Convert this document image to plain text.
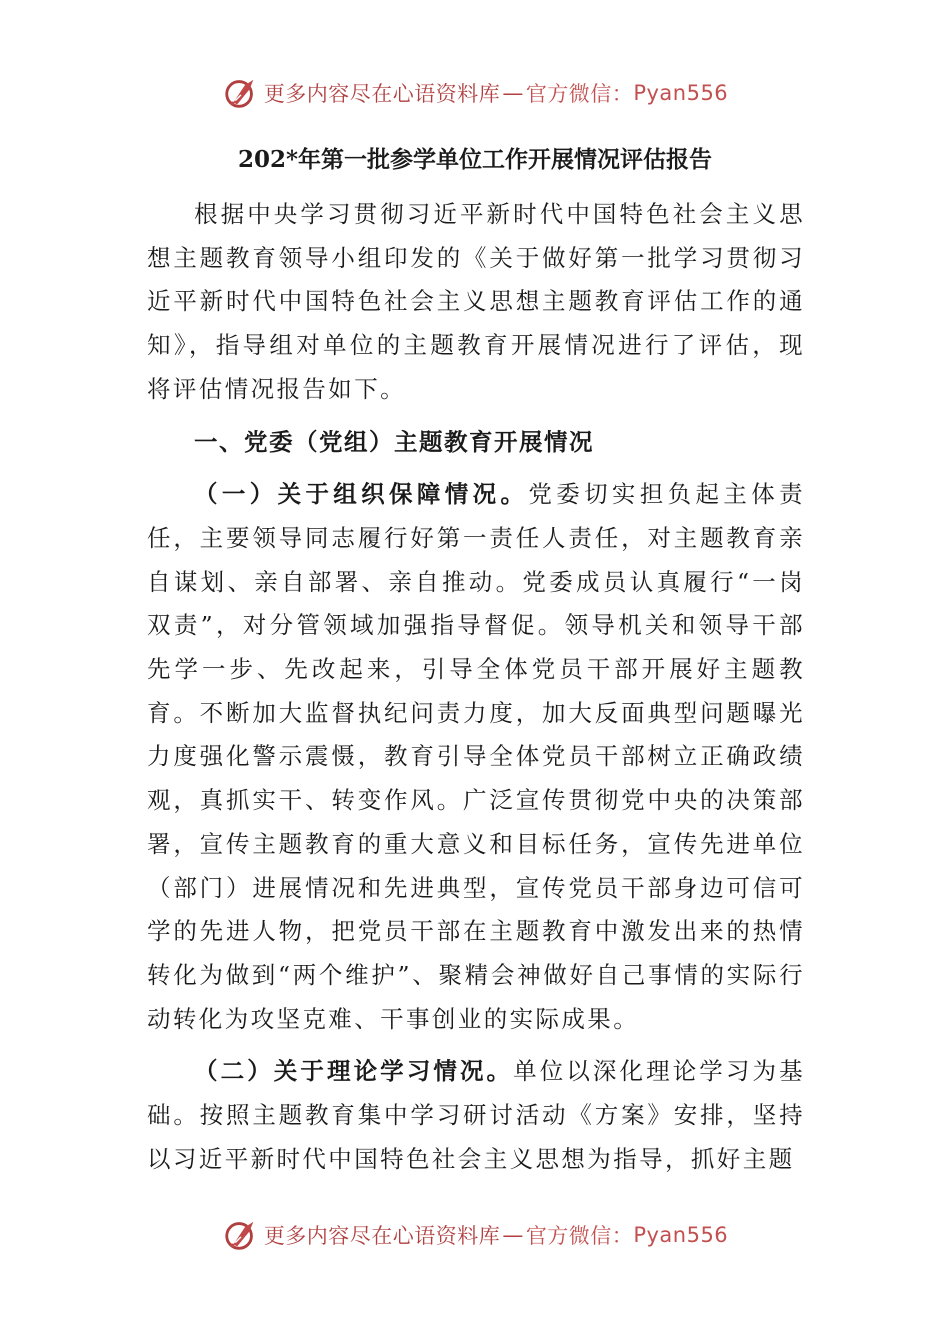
更多内容尽在心语资料库 — 官方微信： Pyan556
202*年第一批参学单位工作开展情况评估报告

根据中央学习贯彻习近平新时代中国特色社会主义思想主题教育领导小组印发的《关于做好第一批学习贯彻习近平新时代中国特色社会主义思想主题教育评估工作的通知》，指导组对单位的主题教育开展情况进行了评估，现将评估情况报告如下。

一、党委（党组）主题教育开展情况

（一）关于组织保障情况。党委切实担负起主体责任，主要领导同志履行好第一责任人责任，对主题教育亲自谋划、亲自部署、亲自推动。党委成员认真履行“一岗双责”，对分管领域加强指导督促。领导机关和领导干部先学一步、先改起来，引导全体党员干部开展好主题教育。不断加大监督执纪问责力度，加大反面典型问题曝光力度强化警示震慑，教育引导全体党员干部树立正确政绩观，真抓实干、转变作风。广泛宣传贯彻党中央的决策部署，宣传主题教育的重大意义和目标任务，宣传先进单位（部门）进展情况和先进典型，宣传党员干部身边可信可学的先进人物，把党员干部在主题教育中激发出来的热情转化为做到“两个维护”、聚精会神做好自己事情的实际行动转化为攻坚克难、干事创业的实际成果。

（二）关于理论学习情况。单位以深化理论学习为基础。按照主题教育集中学习研讨活动《方案》安排，坚持以习近平新时代中国特色社会主义思想为指导，抓好主题

更多内容尽在心语资料库 — 官方微信： Pyan556
